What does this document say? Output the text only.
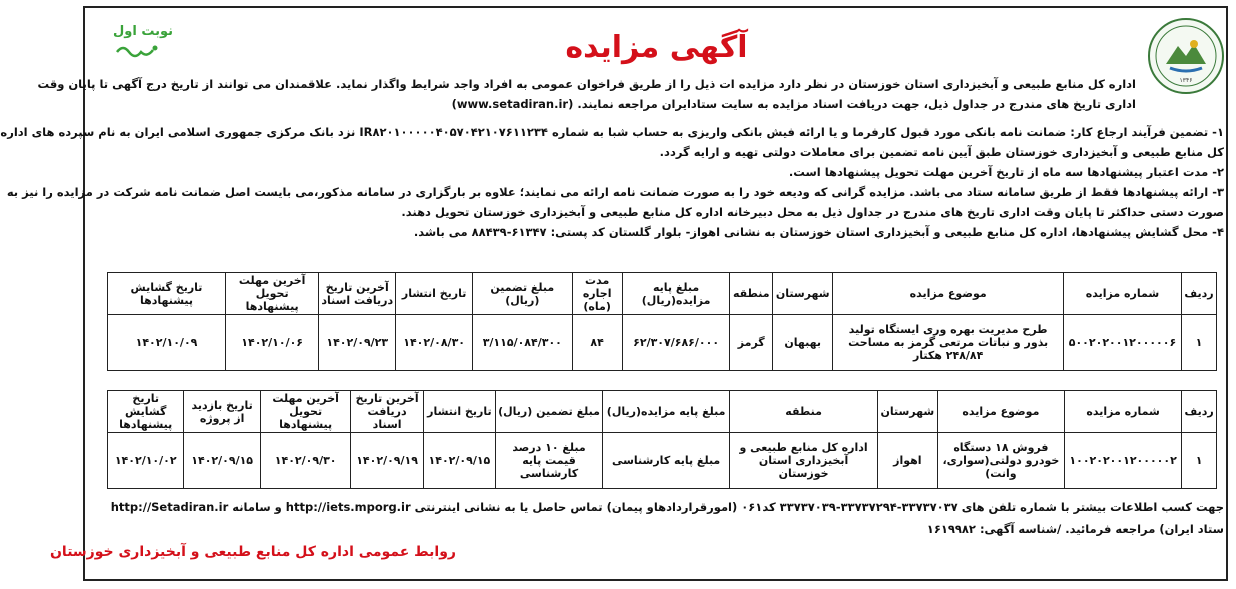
۱۳۴۶
نوبت اول	آگهی مزایده
اداره کل منابع طبیعی و آبخیزداری استان خوزستان در نظر دارد مزایده ات ذیل را از طریق فراخوان عمومی به افراد واجد شرایط واگذار نماید. علاقمندان می توانند از تاریخ درج آگهی تا پایان وقت
اداری تاریخ های مندرج در جداول ذیل، جهت دریافت اسناد مزایده به سایت ستادایران مراجعه نمایند. (www.setadiran.ir)
۱- تضمین فرآیند ارجاع کار: ضمانت نامه بانکی مورد قبول کارفرما و یا ارائه فیش بانکی واریزی به حساب شبا به شماره IR۸۲۰۱۰۰۰۰۰۴۰۵۷۰۴۲۱۰۷۶۱۱۲۳۴ نزد بانک مرکزی جمهوری اسلامی ایران به نام سپرده های اداره
کل منابع طبیعی و آبخیزداری خوزستان طبق آیین نامه تضمین برای معاملات دولتی تهیه و ارایه گردد.
۲- مدت اعتبار پیشنهادها سه ماه از تاریخ آخرین مهلت تحویل پیشنهادها است.
۳- ارائه پیشنهادها فقط از طریق سامانه ستاد می باشد. مزایده گرانی که ودیعه خود را به صورت ضمانت نامه ارائه می نمایند؛ علاوه بر بارگزاری در سامانه مذکور،می بایست اصل ضمانت نامه شرکت در مزایده را نیز به
صورت دستی حداکثر تا پایان وقت اداری تاریخ های مندرج در جداول ذیل به محل دبیرخانه اداره کل منابع طبیعی و آبخیزداری خوزستان تحویل دهند.
۴- محل گشایش پیشنهادها، اداره کل منابع طبیعی و آبخیزداری استان خوزستان به نشانی اهواز- بلوار گلستان کد پستی: ۶۱۳۴۷-۸۸۴۳۹ می باشد.
ردیف	شماره مزایده	موضوع مزایده	شهرستان	منطقه	مبلغ پایه مزایده(ریال)	مدت اجاره (ماه)	مبلغ تضمین (ریال)	تاریخ انتشار	آخرین تاریخ دریافت اسناد	آخرین مهلت تحویل پیشنهادها	تاریخ گشایش پیشنهادها
۱	۵۰۰۲۰۲۰۰۱۲۰۰۰۰۰۶	طرح مدیریت بهره وری ایستگاه تولید بذور و نباتات مرتعی گرمز به مساحت ۲۴۸/۸۴ هکتار	بهبهان	گرمز	۶۲/۳۰۷/۶۸۶/۰۰۰	۸۴	۳/۱۱۵/۰۸۴/۳۰۰	۱۴۰۲/۰۸/۳۰	۱۴۰۲/۰۹/۲۳	۱۴۰۲/۱۰/۰۶	۱۴۰۲/۱۰/۰۹
ردیف	شماره مزایده	موضوع مزایده	شهرستان	منطقه	مبلغ پایه مزایده(ریال)	مبلغ تضمین (ریال)	تاریخ انتشار	آخرین تاریخ دریافت اسناد	آخرین مهلت تحویل پیشنهادها	تاریخ بازدید از پروژه	تاریخ گشایش پیشنهادها
۱	۱۰۰۲۰۲۰۰۱۲۰۰۰۰۰۲	فروش ۱۸ دستگاه خودرو دولتی(سواری، وانت)	اهواز	اداره کل منابع طبیعی و آبخیزداری استان خوزستان	مبلغ پایه کارشناسی	مبلغ ۱۰ درصد قیمت پایه کارشناسی	۱۴۰۲/۰۹/۱۵	۱۴۰۲/۰۹/۱۹	۱۴۰۲/۰۹/۳۰	۱۴۰۲/۰۹/۱۵	۱۴۰۲/۱۰/۰۲
جهت کسب اطلاعات بیشتر با شماره تلفن های ۳۳۷۳۷۰۳۷-۳۳۷۳۷۲۹۴-۳۳۷۳۷۰۳۹ کد۰۶۱ (امورقراردادهاو پیمان) تماس حاصل یا به نشانی اینترنتی http://iets.mporg.ir و سامانه http://Setadiran.ir
ستاد ایران) مراجعه فرمائید. /شناسه آگهی: ۱۶۱۹۹۸۲
روابط عمومی اداره کل منابع طبیعی و آبخیزداری خوزستان
